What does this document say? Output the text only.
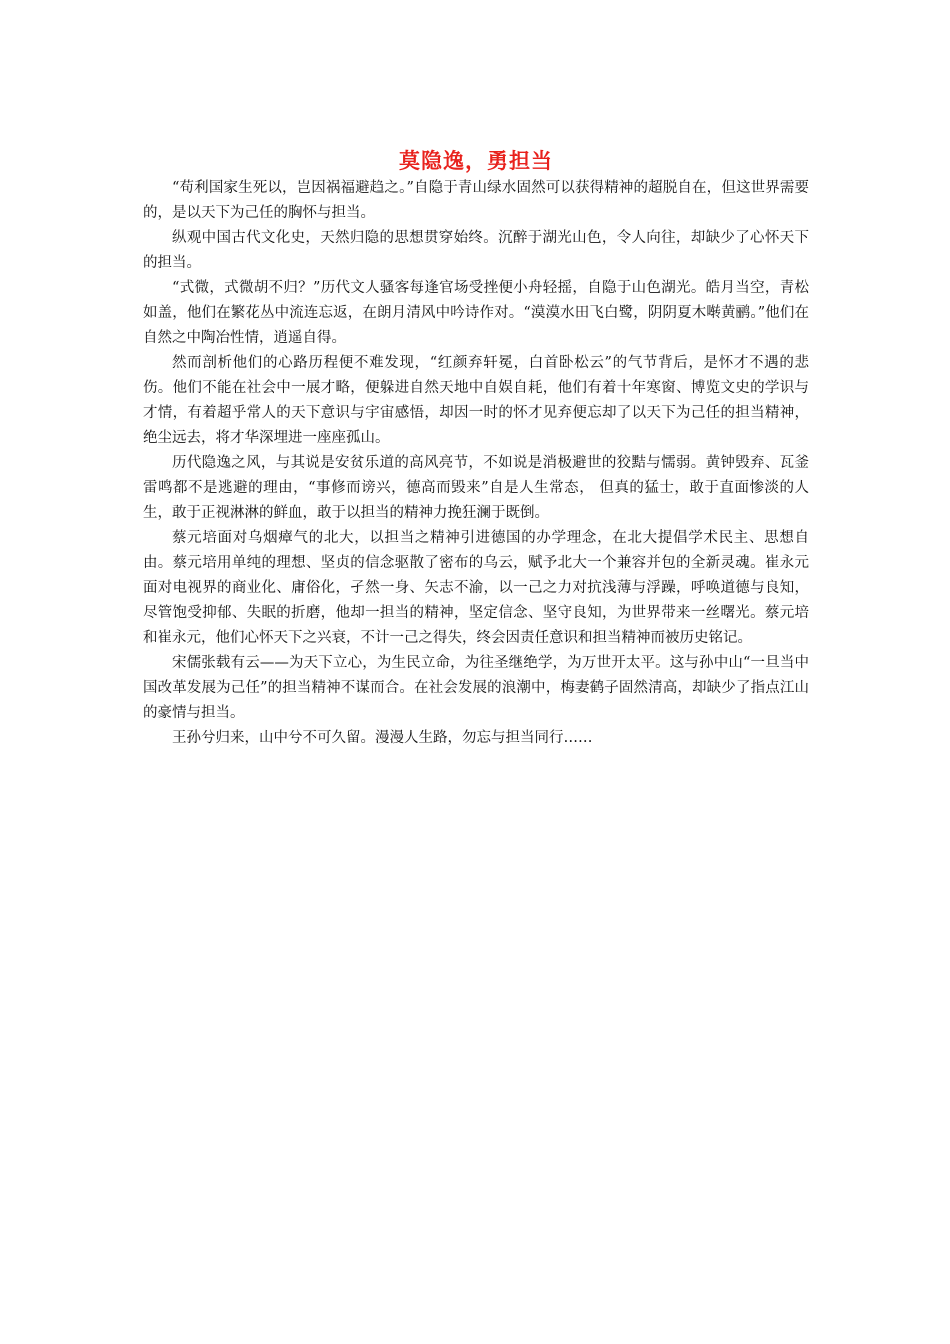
莫隐逸，勇担当

“苟利国家生死以，岂因祸福避趋之。”自隐于青山绿水固然可以获得精神的超脱自在，但这世界需要的，是以天下为己任的胸怀与担当。

纵观中国古代文化史，天然归隐的思想贯穿始终。沉醉于湖光山色，令人向往，却缺少了心怀天下的担当。

“式微，式微胡不归？”历代文人骚客每逢官场受挫便小舟轻摇，自隐于山色湖光。皓月当空，青松如盖，他们在繁花丛中流连忘返，在朗月清风中吟诗作对。“漠漠水田飞白鹭，阴阴夏木啭黄鹂。”他们在自然之中陶冶性情，逍遥自得。

然而剖析他们的心路历程便不难发现，“红颜弃轩冕，白首卧松云”的气节背后，是怀才不遇的悲伤。他们不能在社会中一展才略，便躲进自然天地中自娱自耗，他们有着十年寒窗、博览文史的学识与才情，有着超乎常人的天下意识与宇宙感悟，却因一时的怀才见弃便忘却了以天下为己任的担当精神，绝尘远去，将才华深埋进一座座孤山。

历代隐逸之风，与其说是安贫乐道的高风亮节，不如说是消极避世的狡黠与懦弱。黄钟毁弃、瓦釜雷鸣都不是逃避的理由，“事修而谤兴，德高而毁来”自是人生常态， 但真的猛士，敢于直面惨淡的人生，敢于正视淋淋的鲜血，敢于以担当的精神力挽狂澜于既倒。

蔡元培面对乌烟瘴气的北大，以担当之精神引进德国的办学理念，在北大提倡学术民主、思想自由。蔡元培用单纯的理想、坚贞的信念驱散了密布的乌云，赋予北大一个兼容并包的全新灵魂。崔永元面对电视界的商业化、庸俗化，孑然一身、矢志不渝，以一己之力对抗浅薄与浮躁，呼唤道德与良知，尽管饱受抑郁、失眠的折磨，他却一担当的精神，坚定信念、坚守良知，为世界带来一丝曙光。蔡元培和崔永元，他们心怀天下之兴衰，不计一己之得失，终会因责任意识和担当精神而被历史铭记。

宋儒张载有云——为天下立心，为生民立命，为往圣继绝学，为万世开太平。这与孙中山“一旦当中国改革发展为己任”的担当精神不谋而合。在社会发展的浪潮中，梅妻鹤子固然清高，却缺少了指点江山的豪情与担当。

王孙兮归来，山中兮不可久留。漫漫人生路，勿忘与担当同行……
